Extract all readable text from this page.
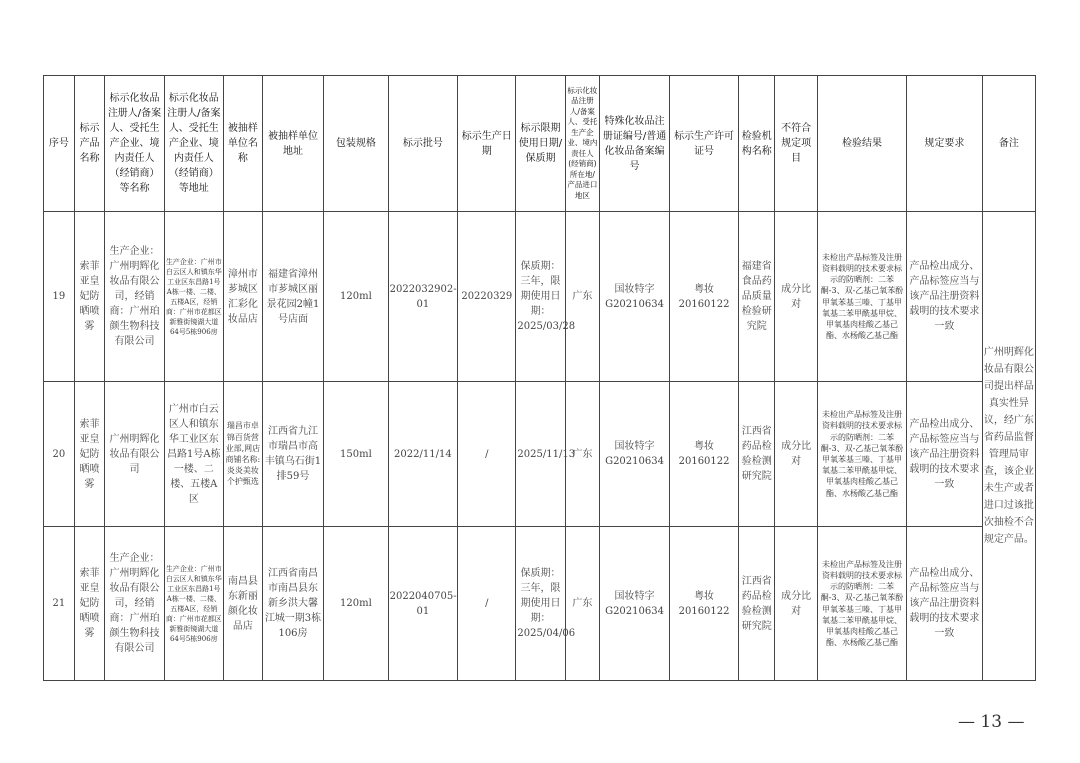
序号	标示产品名称	标示化妆品注册人/备案人、受托生产企业、境内责任人（经销商）等名称	标示化妆品注册人/备案人、受托生产企业、境内责任人（经销商）等地址	被抽样单位名称	被抽样单位地址	包装规格	标示批号	标示生产日期	标示限期使用日期/保质期	标示化妆品注册人/备案人、受托生产企业、境内责任人(经销商)所在地/产品进口地区	特殊化妆品注册证编号/普通化妆品备案编号	标示生产许可证号	检验机构名称	不符合规定项目	检验结果	规定要求	备注
19	索菲亚皇妃防晒喷雾	生产企业：广州明辉化妆品有限公司，经销商：广州珀颜生物科技有限公司	生产企业：广州市白云区人和镇东华工业区东昌路1号A栋一楼、二楼、五楼A区，经销商：广州市花都区新雅街镜湖大道64号5栋906房	漳州市芗城区汇彩化妆品店	福建省漳州市芗城区丽景花园2幢1号店面	120ml	2022032902-01	20220329	保质期：三年，限期使用日期：2025/03/28	广东	国妆特字G20210634	粤妆20160122	福建省食品药品质量检验研究院	成分比对	未检出产品标签及注册资料载明的技术要求标示的防晒剂：二苯酮-3、双-乙基己氧苯酚甲氧苯基三嗪、丁基甲氧基二苯甲酰基甲烷、甲氧基肉桂酸乙基己酯、水杨酸乙基己酯	产品检出成分、产品标签应当与该产品注册资料载明的技术要求一致	广州明辉化妆品有限公司提出样品真实性异议，经广东省药品监督管理局审查，该企业未生产或者进口过该批次抽检不合规定产品。
20	索菲亚皇妃防晒喷雾	广州明辉化妆品有限公司	广州市白云区人和镇东华工业区东昌路1号A栋一楼、二楼、五楼A区	瑞昌市卓锦百货营业部,网店商铺名称:炎炎美妆个护甄选	江西省九江市瑞昌市高丰镇乌石街1排59号	150ml	2022/11/14	/	2025/11/13	广东	国妆特字G20210634	粤妆20160122	江西省药品检验检测研究院	成分比对	未检出产品标签及注册资料载明的技术要求标示的防晒剂：二苯酮-3、双-乙基己氧苯酚甲氧苯基三嗪、丁基甲氧基二苯甲酰基甲烷、甲氧基肉桂酸乙基己酯、水杨酸乙基己酯	产品检出成分、产品标签应当与该产品注册资料载明的技术要求一致	
21	索菲亚皇妃防晒喷雾	生产企业：广州明辉化妆品有限公司，经销商：广州珀颜生物科技有限公司	生产企业：广州市白云区人和镇东华工业区东昌路1号A栋一楼、二楼、五楼A区，经销商：广州市花都区新雅街镜湖大道64号5栋906房	南昌县东新丽颜化妆品店	江西省南昌市南昌县东新乡洪大馨江城一期3栋106房	120ml	2022040705-01	/	保质期：三年，限期使用日期：2025/04/06	广东	国妆特字G20210634	粤妆20160122	江西省药品检验检测研究院	成分比对	未检出产品标签及注册资料载明的技术要求标示的防晒剂：二苯酮-3、双-乙基己氧苯酚甲氧苯基三嗪、丁基甲氧基二苯甲酰基甲烷、甲氧基肉桂酸乙基己酯、水杨酸乙基己酯	产品检出成分、产品标签应当与该产品注册资料载明的技术要求一致	
— 13 —
